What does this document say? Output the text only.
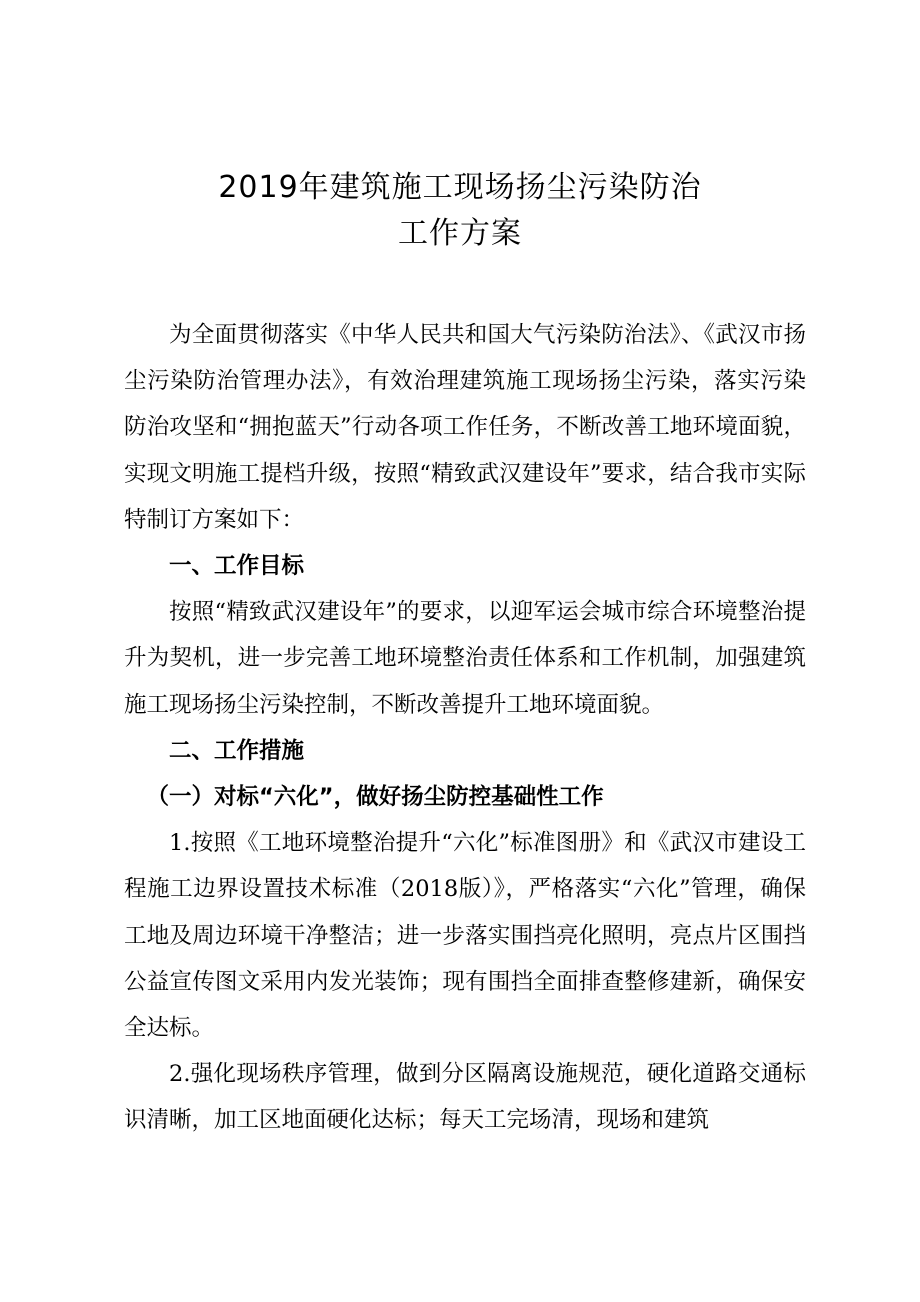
2019年建筑施工现场扬尘污染防治
工作方案

为全面贯彻落实《中华人民共和国大气污染防治法》、《武汉市扬尘污染防治管理办法》，有效治理建筑施工现场扬尘污染，落实污染防治攻坚和“拥抱蓝天”行动各项工作任务，不断改善工地环境面貌，实现文明施工提档升级，按照“精致武汉建设年”要求，结合我市实际特制订方案如下：

一、工作目标

按照“精致武汉建设年”的要求，以迎军运会城市综合环境整治提升为契机，进一步完善工地环境整治责任体系和工作机制，加强建筑施工现场扬尘污染控制，不断改善提升工地环境面貌。

二、工作措施

（一）对标“六化”，做好扬尘防控基础性工作

1.按照《工地环境整治提升“六化”标准图册》和《武汉市建设工程施工边界设置技术标准（2018版）》，严格落实“六化”管理，确保工地及周边环境干净整洁；进一步落实围挡亮化照明，亮点片区围挡公益宣传图文采用内发光装饰；现有围挡全面排查整修建新，确保安全达标。

2.强化现场秩序管理，做到分区隔离设施规范，硬化道路交通标识清晰，加工区地面硬化达标；每天工完场清，现场和建筑
